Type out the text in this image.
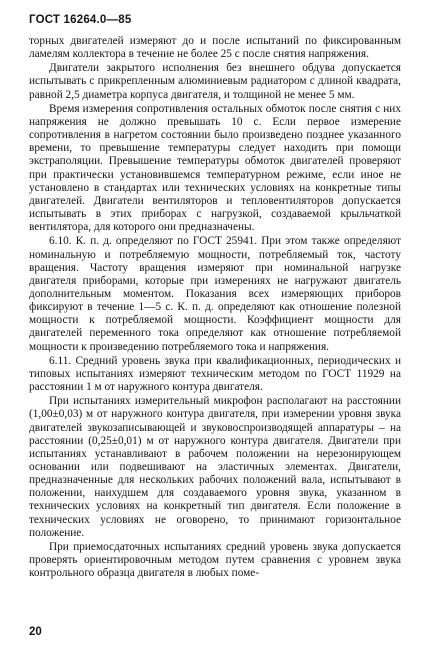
ГОСТ 16264.0—85

торных двигателей измеряют до и после испытаний по фиксированным ламелям коллектора в течение не более 25 с после снятия напряжения.

Двигатели закрытого исполнения без внешнего обдува допускается испытывать с прикрепленным алюминиевым радиатором с длиной квадрата, равной 2,5 диаметра корпуса двигателя, и толщиной не менее 5 мм.

Время измерения сопротивления остальных обмоток после снятия с них напряжения не должно превышать 10 с. Если первое измерение сопротивления в нагретом состоянии было произведено позднее указанного времени, то превышение температуры следует находить при помощи экстраполяции. Превышение температуры обмоток двигателей проверяют при практически установившемся температурном режиме, если иное не установлено в стандартах или технических условиях на конкретные типы двигателей. Двигатели вентиляторов и тепловентиляторов допускается испытывать в этих приборах с нагрузкой, создаваемой крыльчаткой вентилятора, для которого они предназначены.

6.10. К. п. д. определяют по ГОСТ 25941. При этом также определяют номинальную и потребляемую мощности, потребляемый ток, частоту вращения. Частоту вращения измеряют при номинальной нагрузке двигателя приборами, которые при измерениях не нагружают двигатель дополнительным моментом. Показания всех измеряющих приборов фиксируют в течение 1—5 с. К. п. д. определяют как отношение полезной мощности к потребляемой мощности. Коэффициент мощности для двигателей переменного тока определяют как отношение потребляемой мощности к произведению потребляемого тока и напряжения.

6.11. Средний уровень звука при квалификационных, периодических и типовых испытаниях измеряют техническим методом по ГОСТ 11929 на расстоянии 1 м от наружного контура двигателя.

При испытаниях измерительный микрофон располагают на расстоянии (1,00±0,03) м от наружного контура двигателя, при измерении уровня звука двигателей звукозаписывающей и звуковоспроизводящей аппаратуры – на расстоянии (0,25±0,01) м от наружного контура двигателя. Двигатели при испытаниях устанавливают в рабочем положении на нерезонирующем основании или подвешивают на эластичных элементах. Двигатели, предназначенные для нескольких рабочих положений вала, испытывают в положении, наихудшем для создаваемого уровня звука, указанном в технических условиях на конкретный тип двигателя. Если положение в технических условиях не оговорено, то принимают горизонтальное положение.

При приемосдаточных испытаниях средний уровень звука допускается проверять ориентировочным методом путем сравнения с уровнем звука контрольного образца двигателя в любых поме-

20
